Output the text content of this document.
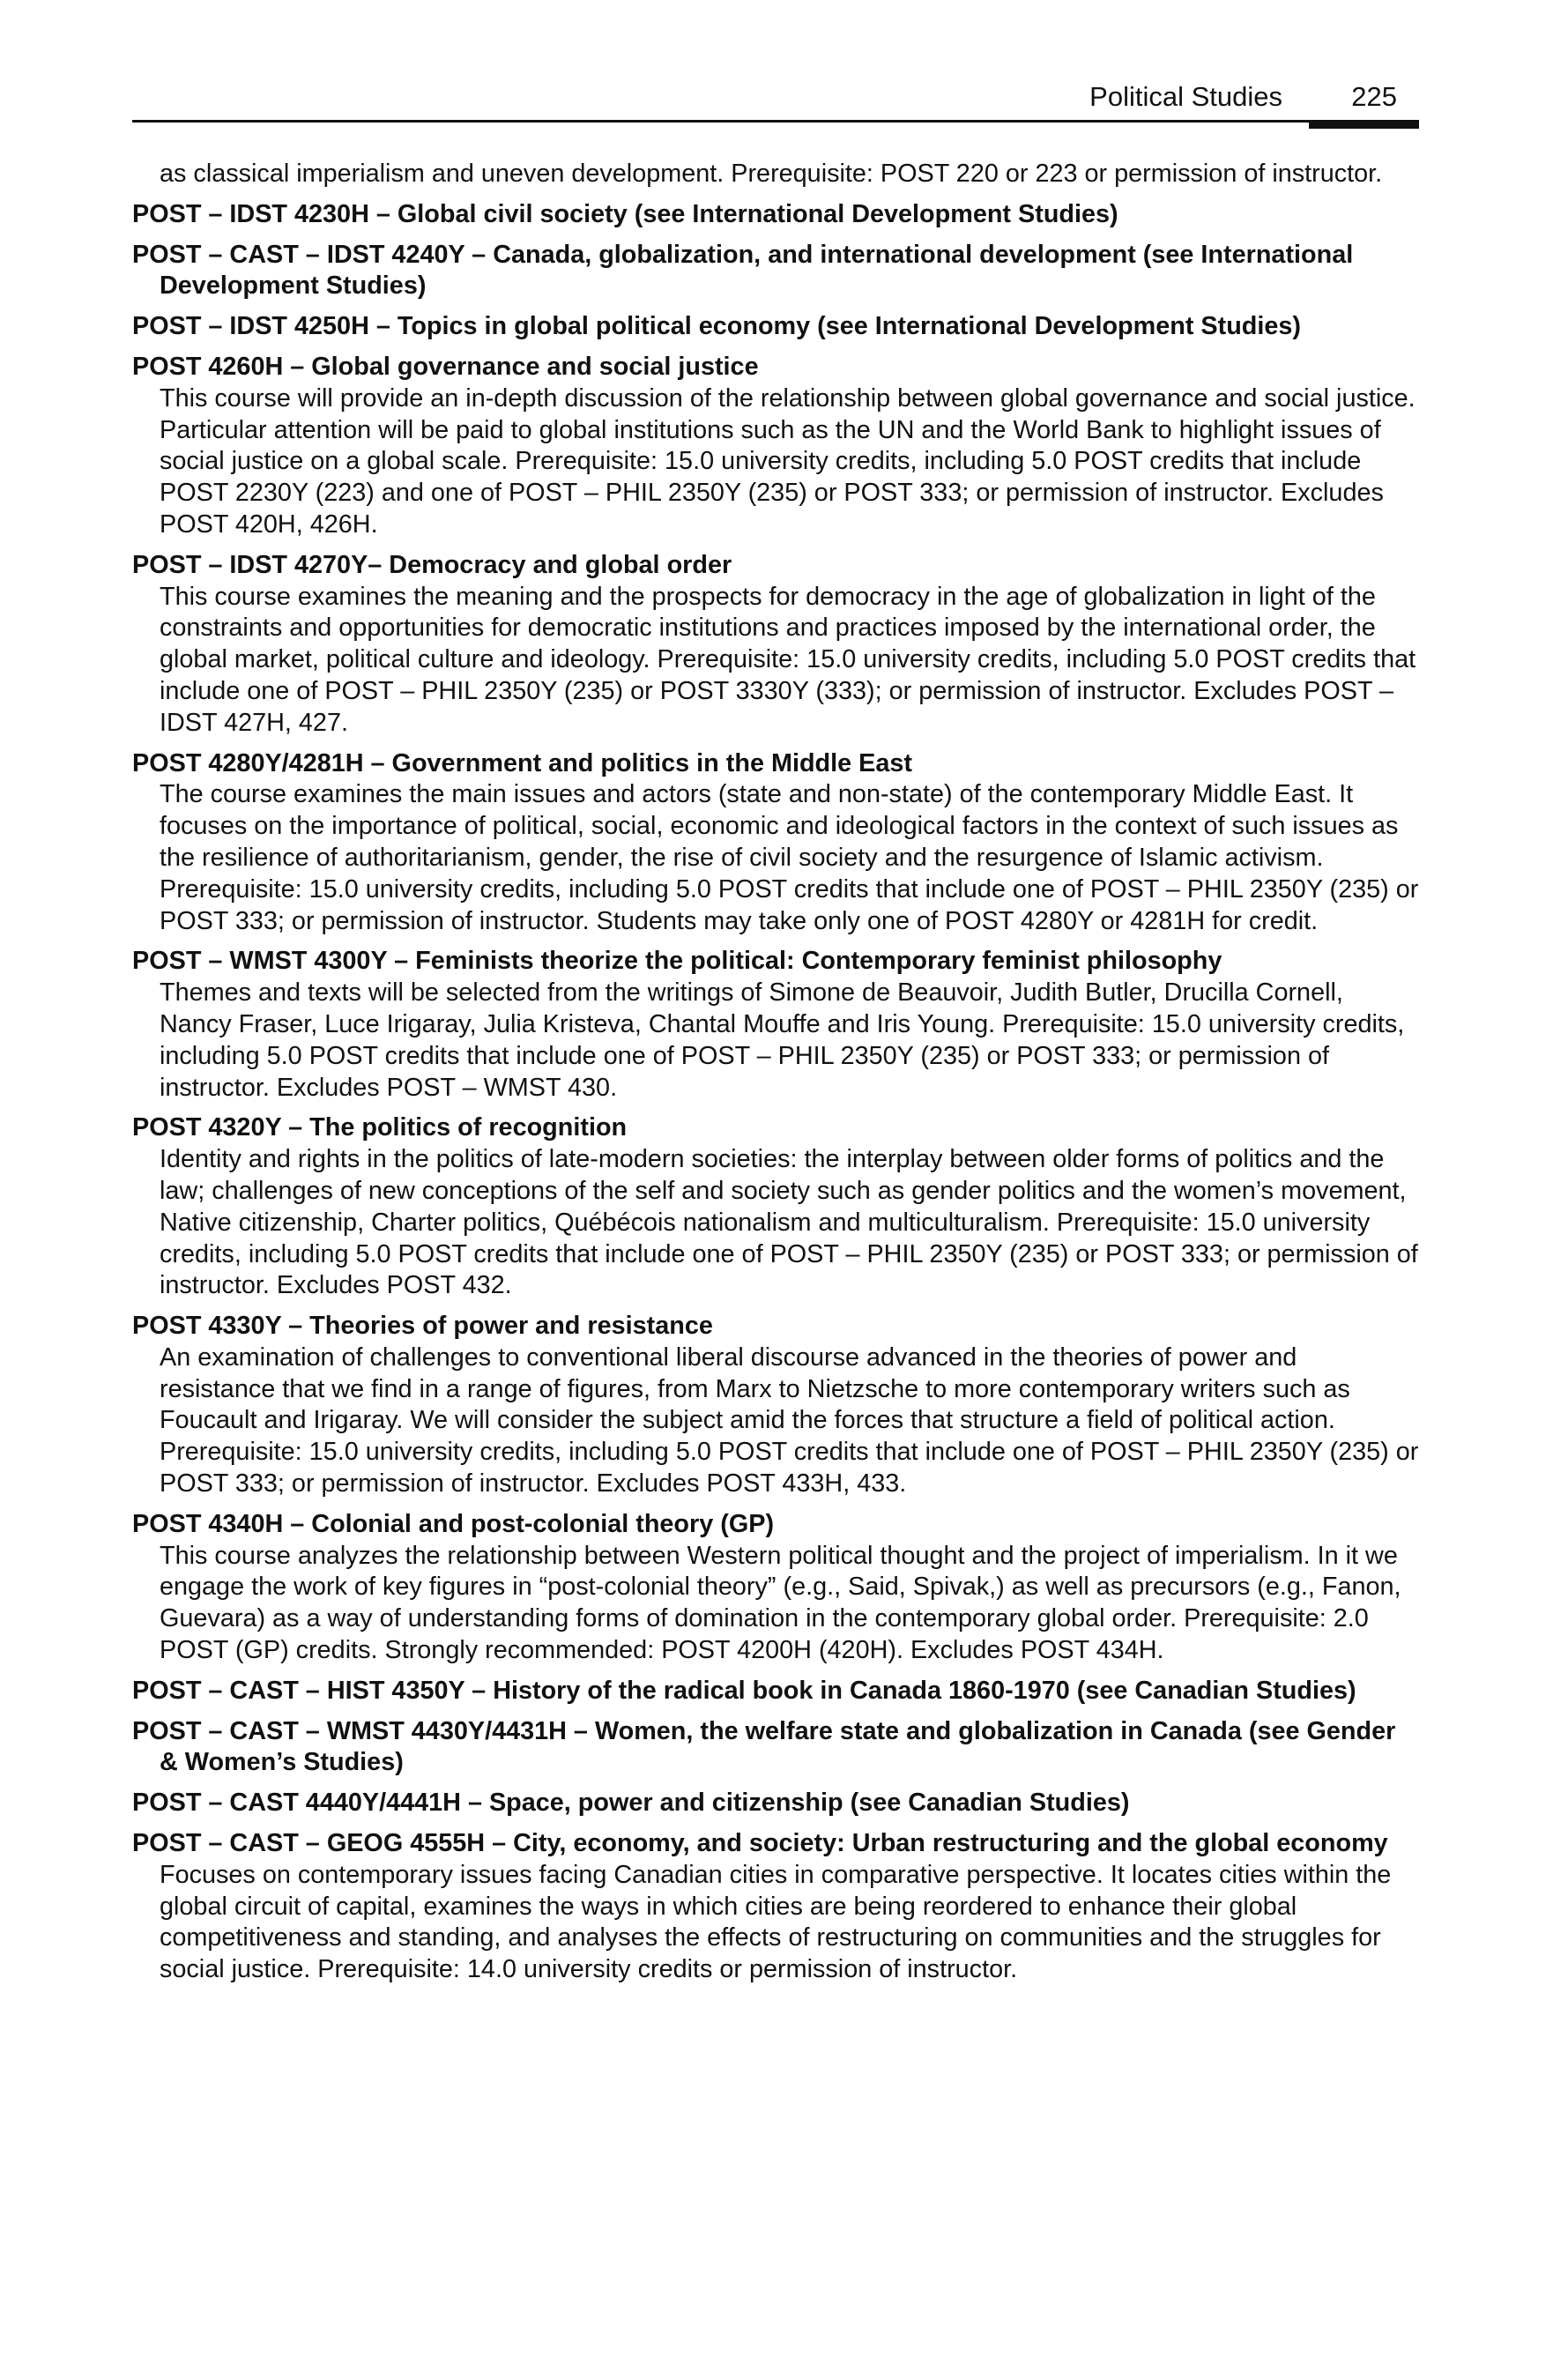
Political Studies	225

as classical imperialism and uneven development. Prerequisite: POST 220 or 223 or permission of instructor.

POST – IDST 4230H – Global civil society (see International Development Studies)

POST – CAST – IDST 4240Y – Canada, globalization, and international development (see International Development Studies)

POST – IDST 4250H – Topics in global political economy (see International Development Studies)

POST 4260H – Global governance and social justice

This course will provide an in-depth discussion of the relationship between global governance and social justice. Particular attention will be paid to global institutions such as the UN and the World Bank to highlight issues of social justice on a global scale. Prerequisite: 15.0 university credits, including 5.0 POST credits that include POST 2230Y (223) and one of POST – PHIL 2350Y (235) or POST 333; or permission of instructor. Excludes POST 420H, 426H.

POST – IDST 4270Y– Democracy and global order

This course examines the meaning and the prospects for democracy in the age of globalization in light of the constraints and opportunities for democratic institutions and practices imposed by the international order, the global market, political culture and ideology. Prerequisite: 15.0 university credits, including 5.0 POST credits that include one of POST – PHIL 2350Y (235) or POST 3330Y (333); or permission of instructor. Excludes POST – IDST 427H, 427.

POST 4280Y/4281H – Government and politics in the Middle East

The course examines the main issues and actors (state and non-state) of the contemporary Middle East. It focuses on the importance of political, social, economic and ideological factors in the context of such issues as the resilience of authoritarianism, gender, the rise of civil society and the resurgence of Islamic activism. Prerequisite: 15.0 university credits, including 5.0 POST credits that include one of POST – PHIL 2350Y (235) or POST 333; or permission of instructor. Students may take only one of POST 4280Y or 4281H for credit.

POST – WMST 4300Y – Feminists theorize the political: Contemporary feminist philosophy

Themes and texts will be selected from the writings of Simone de Beauvoir, Judith Butler, Drucilla Cornell, Nancy Fraser, Luce Irigaray, Julia Kristeva, Chantal Mouffe and Iris Young. Prerequisite: 15.0 university credits, including 5.0 POST credits that include one of POST – PHIL 2350Y (235) or POST 333; or permission of instructor. Excludes POST – WMST 430.

POST 4320Y – The politics of recognition

Identity and rights in the politics of late-modern societies: the interplay between older forms of politics and the law; challenges of new conceptions of the self and society such as gender politics and the women’s movement, Native citizenship, Charter politics, Québécois nationalism and multiculturalism. Prerequisite: 15.0 university credits, including 5.0 POST credits that include one of POST – PHIL 2350Y (235) or POST 333; or permission of instructor. Excludes POST 432.

POST 4330Y – Theories of power and resistance

An examination of challenges to conventional liberal discourse advanced in the theories of power and resistance that we find in a range of figures, from Marx to Nietzsche to more contemporary writers such as Foucault and Irigaray. We will consider the subject amid the forces that structure a field of political action. Prerequisite: 15.0 university credits, including 5.0 POST credits that include one of POST – PHIL 2350Y (235) or POST 333; or permission of instructor. Excludes POST 433H, 433.

POST 4340H – Colonial and post-colonial theory (GP)

This course analyzes the relationship between Western political thought and the project of imperialism. In it we engage the work of key figures in “post-colonial theory” (e.g., Said, Spivak,) as well as precursors (e.g., Fanon, Guevara) as a way of understanding forms of domination in the contemporary global order. Prerequisite: 2.0 POST (GP) credits. Strongly recommended: POST 4200H (420H). Excludes POST 434H.

POST – CAST – HIST 4350Y – History of the radical book in Canada 1860-1970 (see Canadian Studies)

POST – CAST – WMST 4430Y/4431H – Women, the welfare state and globalization in Canada (see Gender & Women’s Studies)

POST – CAST 4440Y/4441H – Space, power and citizenship (see Canadian Studies)

POST – CAST – GEOG 4555H – City, economy, and society: Urban restructuring and the global economy

Focuses on contemporary issues facing Canadian cities in comparative perspective. It locates cities within the global circuit of capital, examines the ways in which cities are being reordered to enhance their global competitiveness and standing, and analyses the effects of restructuring on communities and the struggles for social justice. Prerequisite: 14.0 university credits or permission of instructor.
